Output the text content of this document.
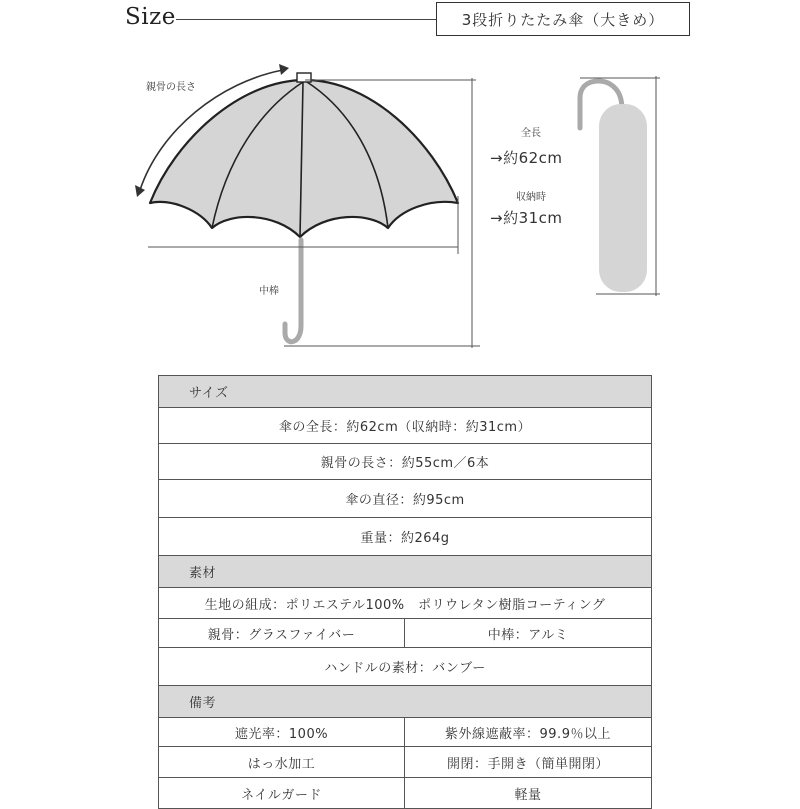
Size	3段折りたたみ傘（大きめ）
親骨の長さ
中棒
全長
→約62cm
収納時
→約31cm
サイズ	
傘の全長：約62cm（収納時：約31cm）	
親骨の長さ：約55cm／6本	
傘の直径：約95cm	
重量：約264g	
素材	
生地の組成：ポリエステル100%　ポリウレタン樹脂コーティング	
親骨：グラスファイバー	中棒：アルミ
ハンドルの素材：バンブー	
備考	
遮光率：100%	紫外線遮蔽率：99.9％以上
はっ水加工	開閉：手開き（簡単開閉）
ネイルガード	軽量
